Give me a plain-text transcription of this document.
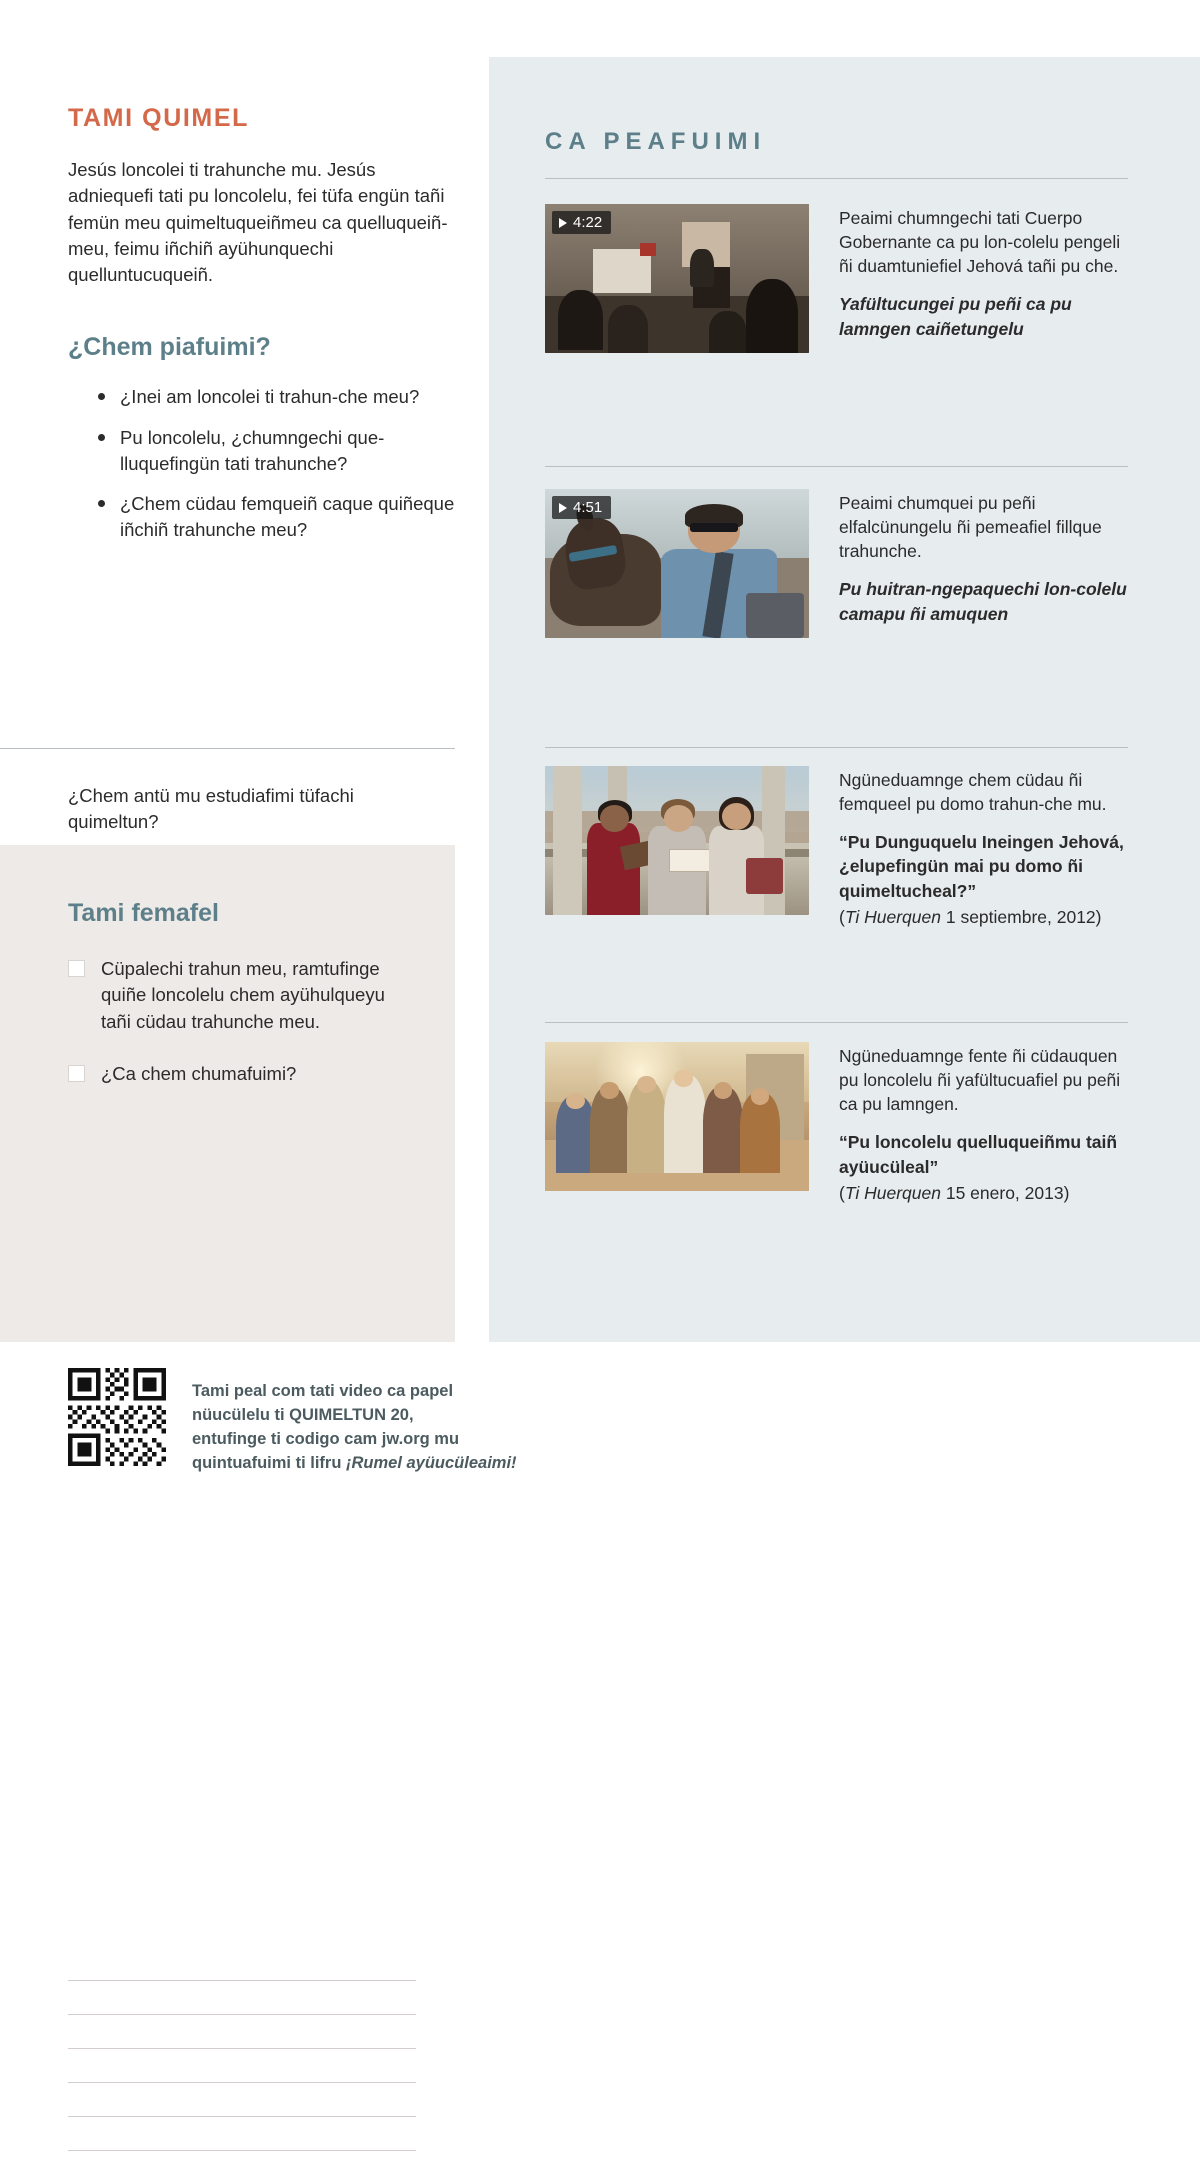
TAMI QUIMEL

Jesús loncolei ti trahunche mu. Jesús adniequefi tati pu loncolelu, fei tüfa engün tañi femün meu quimeltuqueiñmeu ca quelluqueiñ-meu, feimu iñchiñ ayühunquechi quelluntucuqueiñ.

¿Chem piafuimi?
¿Inei am loncolei ti trahun-che meu?
Pu loncolelu, ¿chumngechi que-lluquefingün tati trahunche?
¿Chem cüdau femqueiñ caque quiñeque iñchiñ trahunche meu?

¿Chem antü mu estudiafimi tüfachi quimeltun?

Tami femafel
Cüpalechi trahun meu, ramtufinge quiñe loncolelu chem ayühulqueyu tañi cüdau trahunche meu.
¿Ca chem chumafuimi?
CA PEAFUIMI
4:22	Peaimi chumngechi tati Cuerpo Gobernante ca pu lon-colelu pengeli ñi duamtuniefiel Jehová tañi pu che.
Yafültucungei pu peñi ca pu lamngen caiñetungelu
4:51	Peaimi chumquei pu peñi elfalcünungelu ñi pemeafiel fillque trahunche.
Pu huitran-ngepaquechi lon-colelu camapu ñi amuquen
Ngüneduamnge chem cüdau ñi femqueel pu domo trahun-che mu.
“Pu Dunguquelu Ineingen Jehová, ¿elupefingün mai pu domo ñi quimeltucheal?”
(Ti Huerquen 1 septiembre, 2012)
Ngüneduamnge fente ñi cüdauquen pu loncolelu ñi yafültucuafiel pu peñi ca pu lamngen.
“Pu loncolelu quelluqueiñmu taiñ ayüucüleal”
(Ti Huerquen 15 enero, 2013)
Tami peal com tati video ca papel
nüucülelu ti QUIMELTUN 20,
entufinge ti codigo cam jw.org mu
quintuafuimi ti lifru ¡Rumel ayüucüleaimi!
